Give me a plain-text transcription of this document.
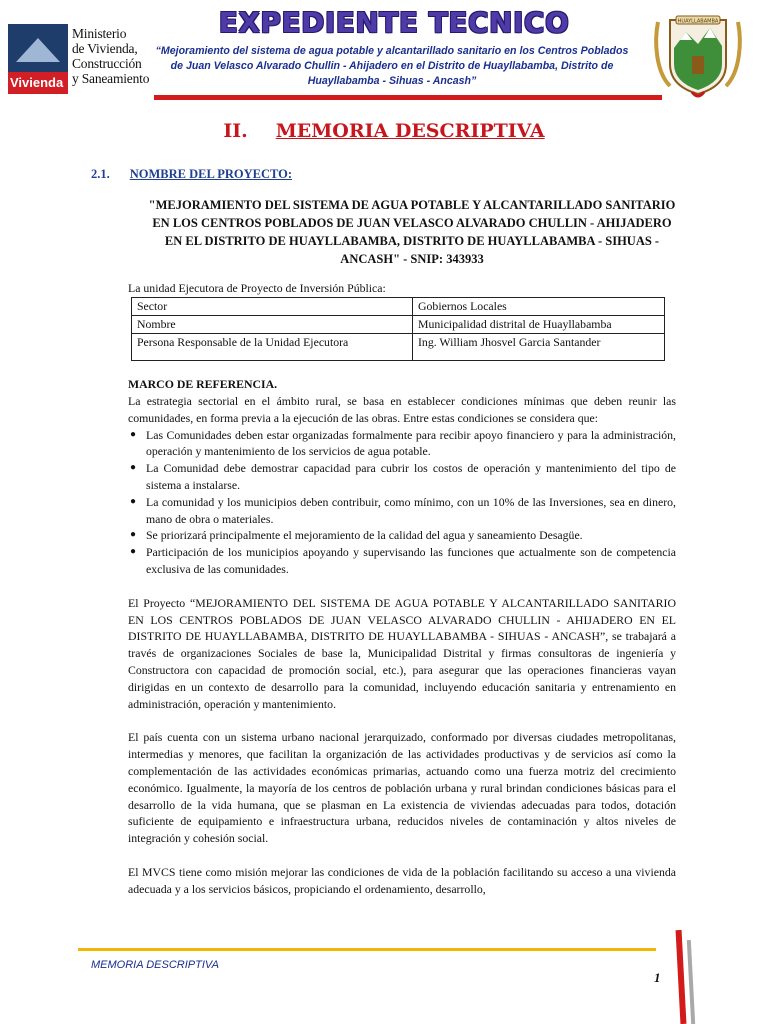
Vivienda
Ministerio
de Vivienda,
Construcción
y Saneamiento
EXPEDIENTE TECNICO
“Mejoramiento del sistema de agua potable y alcantarillado sanitario en los Centros Poblados de Juan Velasco Alvarado Chullin - Ahijadero en el Distrito de Huayllabamba, Distrito de Huayllabamba - Sihuas - Ancash”
HUAYLLABAMBA
II. MEMORIA DESCRIPTIVA
2.1. NOMBRE DEL PROYECTO:
"MEJORAMIENTO DEL SISTEMA DE AGUA POTABLE Y ALCANTARILLADO SANITARIO EN LOS CENTROS POBLADOS DE JUAN VELASCO ALVARADO CHULLIN - AHIJADERO EN EL DISTRITO DE HUAYLLABAMBA, DISTRITO DE HUAYLLABAMBA - SIHUAS - ANCASH" - SNIP: 343933
La unidad Ejecutora de Proyecto de Inversión Pública:
Sector	Gobiernos Locales
Nombre	Municipalidad distrital de Huayllabamba
Persona Responsable de la Unidad Ejecutora	Ing. William Jhosvel Garcia Santander
MARCO DE REFERENCIA.
La estrategia sectorial en el ámbito rural, se basa en establecer condiciones mínimas que deben reunir las comunidades, en forma previa a la ejecución de las obras. Entre estas condiciones se considera que:
● Las Comunidades deben estar organizadas formalmente para recibir apoyo financiero y para la administración, operación y mantenimiento de los servicios de agua potable.
● La Comunidad debe demostrar capacidad para cubrir los costos de operación y mantenimiento del tipo de sistema a instalarse.
● La comunidad y los municipios deben contribuir, como mínimo, con un 10% de las Inversiones, sea en dinero, mano de obra o materiales.
● Se priorizará principalmente el mejoramiento de la calidad del agua y saneamiento Desagüe.
● Participación de los municipios apoyando y supervisando las funciones que actualmente son de competencia exclusiva de las comunidades.
El Proyecto “MEJORAMIENTO DEL SISTEMA DE AGUA POTABLE Y ALCANTARILLADO SANITARIO EN LOS CENTROS POBLADOS DE JUAN VELASCO ALVARADO CHULLIN - AHIJADERO EN EL DISTRITO DE HUAYLLABAMBA, DISTRITO DE HUAYLLABAMBA - SIHUAS - ANCASH”, se trabajará a través de organizaciones Sociales de base la, Municipalidad Distrital y firmas consultoras de ingeniería y Constructora con capacidad de promoción social, etc.), para asegurar que las operaciones financieras vayan dirigidas en un contexto de desarrollo para la comunidad, incluyendo educación sanitaria y entrenamiento en administración, operación y mantenimiento.
El país cuenta con un sistema urbano nacional jerarquizado, conformado por diversas ciudades metropolitanas, intermedias y menores, que facilitan la organización de las actividades productivas y de servicios así como la complementación de las actividades económicas primarias, actuando como una fuerza motriz del crecimiento económico. Igualmente, la mayoría de los centros de población urbana y rural brindan condiciones básicas para el desarrollo de la vida humana, que se plasman en La existencia de viviendas adecuadas para todos, dotación suficiente de equipamiento e infraestructura urbana, reducidos niveles de contaminación y altos niveles de integración y cohesión social.
El MVCS tiene como misión mejorar las condiciones de vida de la población facilitando su acceso a una vivienda adecuada y a los servicios básicos, propiciando el ordenamiento, desarrollo,
MEMORIA DESCRIPTIVA
1
